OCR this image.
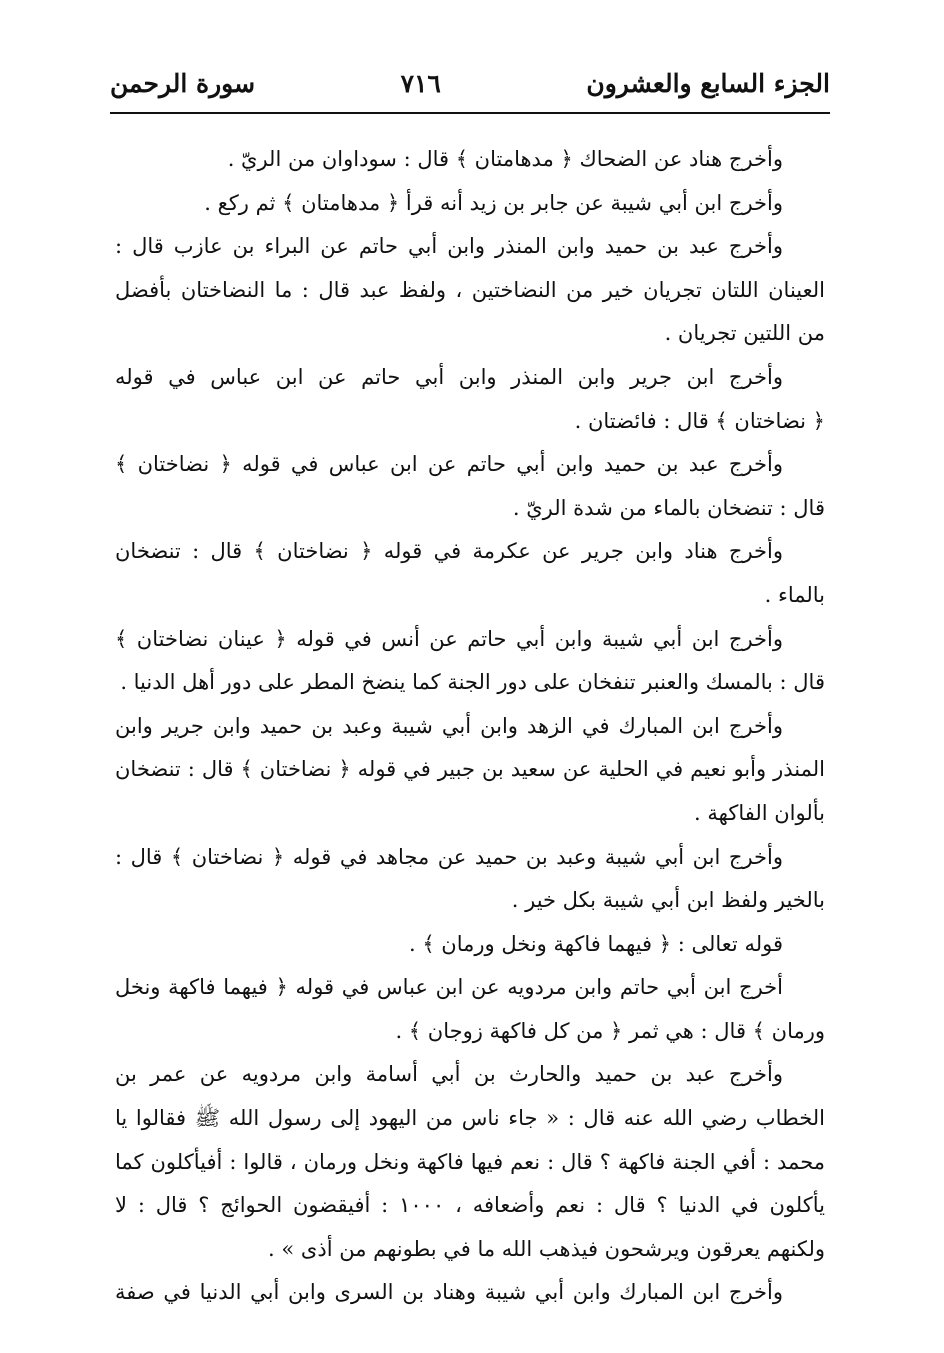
الجزء السابع والعشرون
٧١٦
سورة الرحمن

وأخرج هناد عن الضحاك ﴿ مدهامتان ﴾ قال : سوداوان من الريّ .

وأخرج ابن أبي شيبة عن جابر بن زيد أنه قرأ ﴿ مدهامتان ﴾ ثم ركع .

وأخرج عبد بن حميد وابن المنذر وابن أبي حاتم عن البراء بن عازب قال :

العينان اللتان تجريان خير من النضاختين ، ولفظ عبد قال : ما النضاختان بأفضل

من اللتين تجريان .

وأخرج ابن جرير وابن المنذر وابن أبي حاتم عن ابن عباس في قوله

﴿ نضاختان ﴾ قال : فائضتان .

وأخرج عبد بن حميد وابن أبي حاتم عن ابن عباس في قوله ﴿ نضاختان ﴾

قال : تنضخان بالماء من شدة الريّ .

وأخرج هناد وابن جرير عن عكرمة في قوله ﴿ نضاختان ﴾ قال : تنضخان

بالماء .

وأخرج ابن أبي شيبة وابن أبي حاتم عن أنس في قوله ﴿ عينان نضاختان ﴾

قال : بالمسك والعنبر تنفخان على دور الجنة كما ينضخ المطر على دور أهل الدنيا .

وأخرج ابن المبارك في الزهد وابن أبي شيبة وعبد بن حميد وابن جرير وابن

المنذر وأبو نعيم في الحلية عن سعيد بن جبير في قوله ﴿ نضاختان ﴾ قال : تنضخان

بألوان الفاكهة .

وأخرج ابن أبي شيبة وعبد بن حميد عن مجاهد في قوله ﴿ نضاختان ﴾ قال :

بالخير ولفظ ابن أبي شيبة بكل خير .

قوله تعالى : ﴿ فيهما فاكهة ونخل ورمان ﴾ .

أخرج ابن أبي حاتم وابن مردويه عن ابن عباس في قوله ﴿ فيهما فاكهة ونخل

ورمان ﴾ قال : هي ثمر ﴿ من كل فاكهة زوجان ﴾ .

وأخرج عبد بن حميد والحارث بن أبي أسامة وابن مردويه عن عمر بن

الخطاب رضي الله عنه قال : « جاء ناس من اليهود إلى رسول الله ﷺ فقالوا يا

محمد : أفي الجنة فاكهة ؟ قال : نعم فيها فاكهة ونخل ورمان ، قالوا : أفيأكلون كما

يأكلون في الدنيا ؟ قال : نعم وأضعافه ، ١٠٠٠ : أفيقضون الحوائج ؟ قال : لا

ولكنهم يعرقون ويرشحون فيذهب الله ما في بطونهم من أذى » .

وأخرج ابن المبارك وابن أبي شيبة وهناد بن السرى وابن أبي الدنيا في صفة
